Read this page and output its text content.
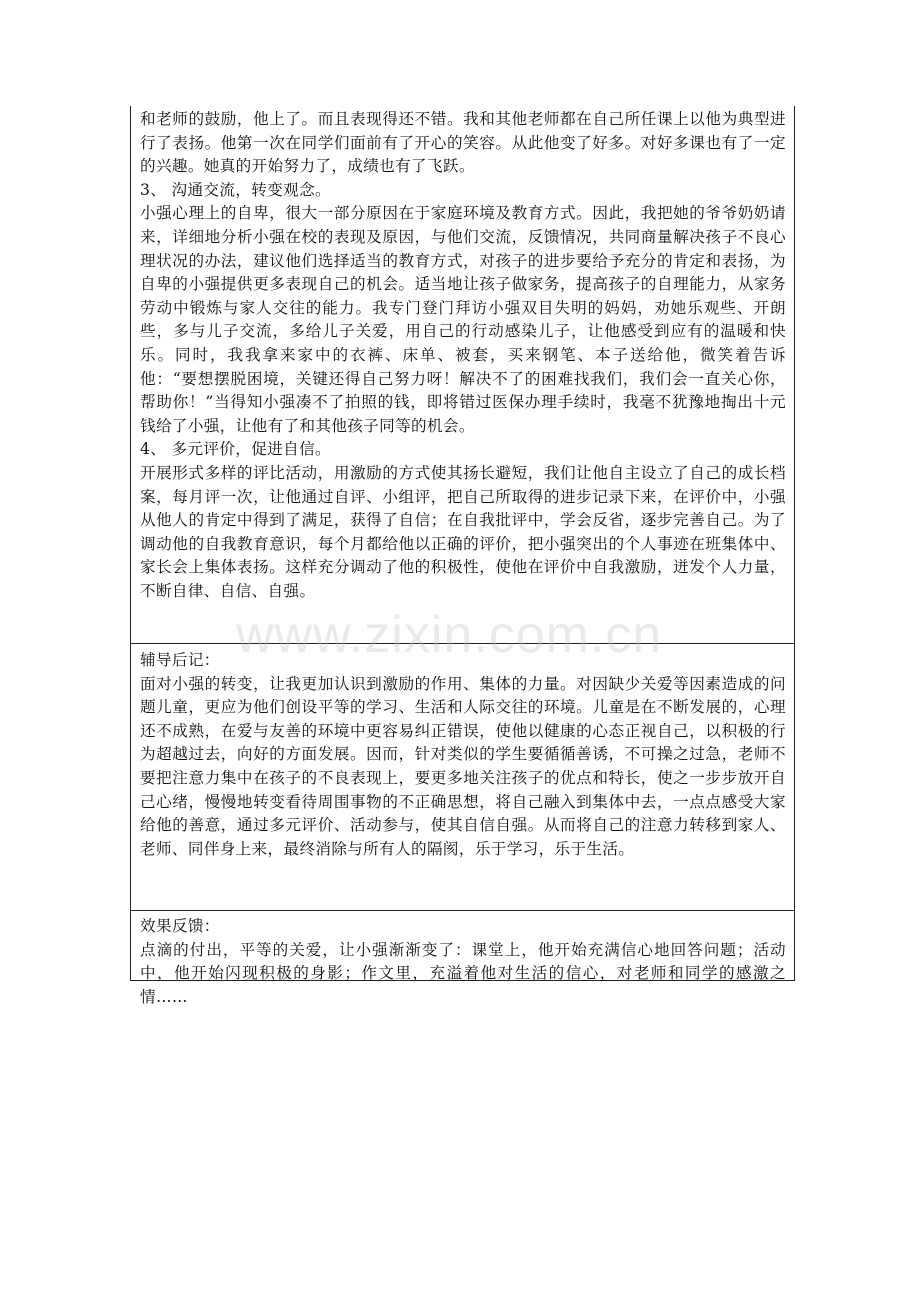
和老师的鼓励，他上了。而且表现得还不错。我和其他老师都在自己所任课上以他为典型进行了表扬。他第一次在同学们面前有了开心的笑容。从此他变了好多。对好多课也有了一定的兴趣。她真的开始努力了，成绩也有了飞跃。

3、 沟通交流，转变观念。

小强心理上的自卑，很大一部分原因在于家庭环境及教育方式。因此，我把她的爷爷奶奶请来，详细地分析小强在校的表现及原因，与他们交流，反馈情况，共同商量解决孩子不良心理状况的办法，建议他们选择适当的教育方式，对孩子的进步要给予充分的肯定和表扬，为自卑的小强提供更多表现自己的机会。适当地让孩子做家务，提高孩子的自理能力，从家务劳动中锻炼与家人交往的能力。我专门登门拜访小强双目失明的妈妈，劝她乐观些、开朗些，多与儿子交流，多给儿子关爱，用自己的行动感染儿子，让他感受到应有的温暖和快乐。同时，我我拿来家中的衣裤、床单、被套，买来钢笔、本子送给他，微笑着告诉他：“要想摆脱困境，关键还得自己努力呀！解决不了的困难找我们，我们会一直关心你，帮助你！”当得知小强凑不了拍照的钱，即将错过医保办理手续时，我毫不犹豫地掏出十元钱给了小强，让他有了和其他孩子同等的机会。

4、 多元评价，促进自信。

开展形式多样的评比活动，用激励的方式使其扬长避短，我们让他自主设立了自己的成长档案，每月评一次，让他通过自评、小组评，把自己所取得的进步记录下来，在评价中，小强从他人的肯定中得到了满足，获得了自信；在自我批评中，学会反省，逐步完善自己。为了调动他的自我教育意识，每个月都给他以正确的评价，把小强突出的个人事迹在班集体中、家长会上集体表扬。这样充分调动了他的积极性，使他在评价中自我激励，迸发个人力量，不断自律、自信、自强。

辅导后记：

面对小强的转变，让我更加认识到激励的作用、集体的力量。对因缺少关爱等因素造成的问题儿童，更应为他们创设平等的学习、生活和人际交往的环境。儿童是在不断发展的，心理还不成熟，在爱与友善的环境中更容易纠正错误，使他以健康的心态正视自己，以积极的行为超越过去，向好的方面发展。因而，针对类似的学生要循循善诱，不可操之过急，老师不要把注意力集中在孩子的不良表现上，要更多地关注孩子的优点和特长，使之一步步放开自己心绪，慢慢地转变看待周围事物的不正确思想，将自己融入到集体中去，一点点感受大家给他的善意，通过多元评价、活动参与，使其自信自强。从而将自己的注意力转移到家人、老师、同伴身上来，最终消除与所有人的隔阂，乐于学习，乐于生活。

效果反馈：

点滴的付出，平等的关爱，让小强渐渐变了：课堂上，他开始充满信心地回答问题；活动中，他开始闪现积极的身影；作文里，充溢着他对生活的信心，对老师和同学的感激之情……

www.zixin.com.cn
